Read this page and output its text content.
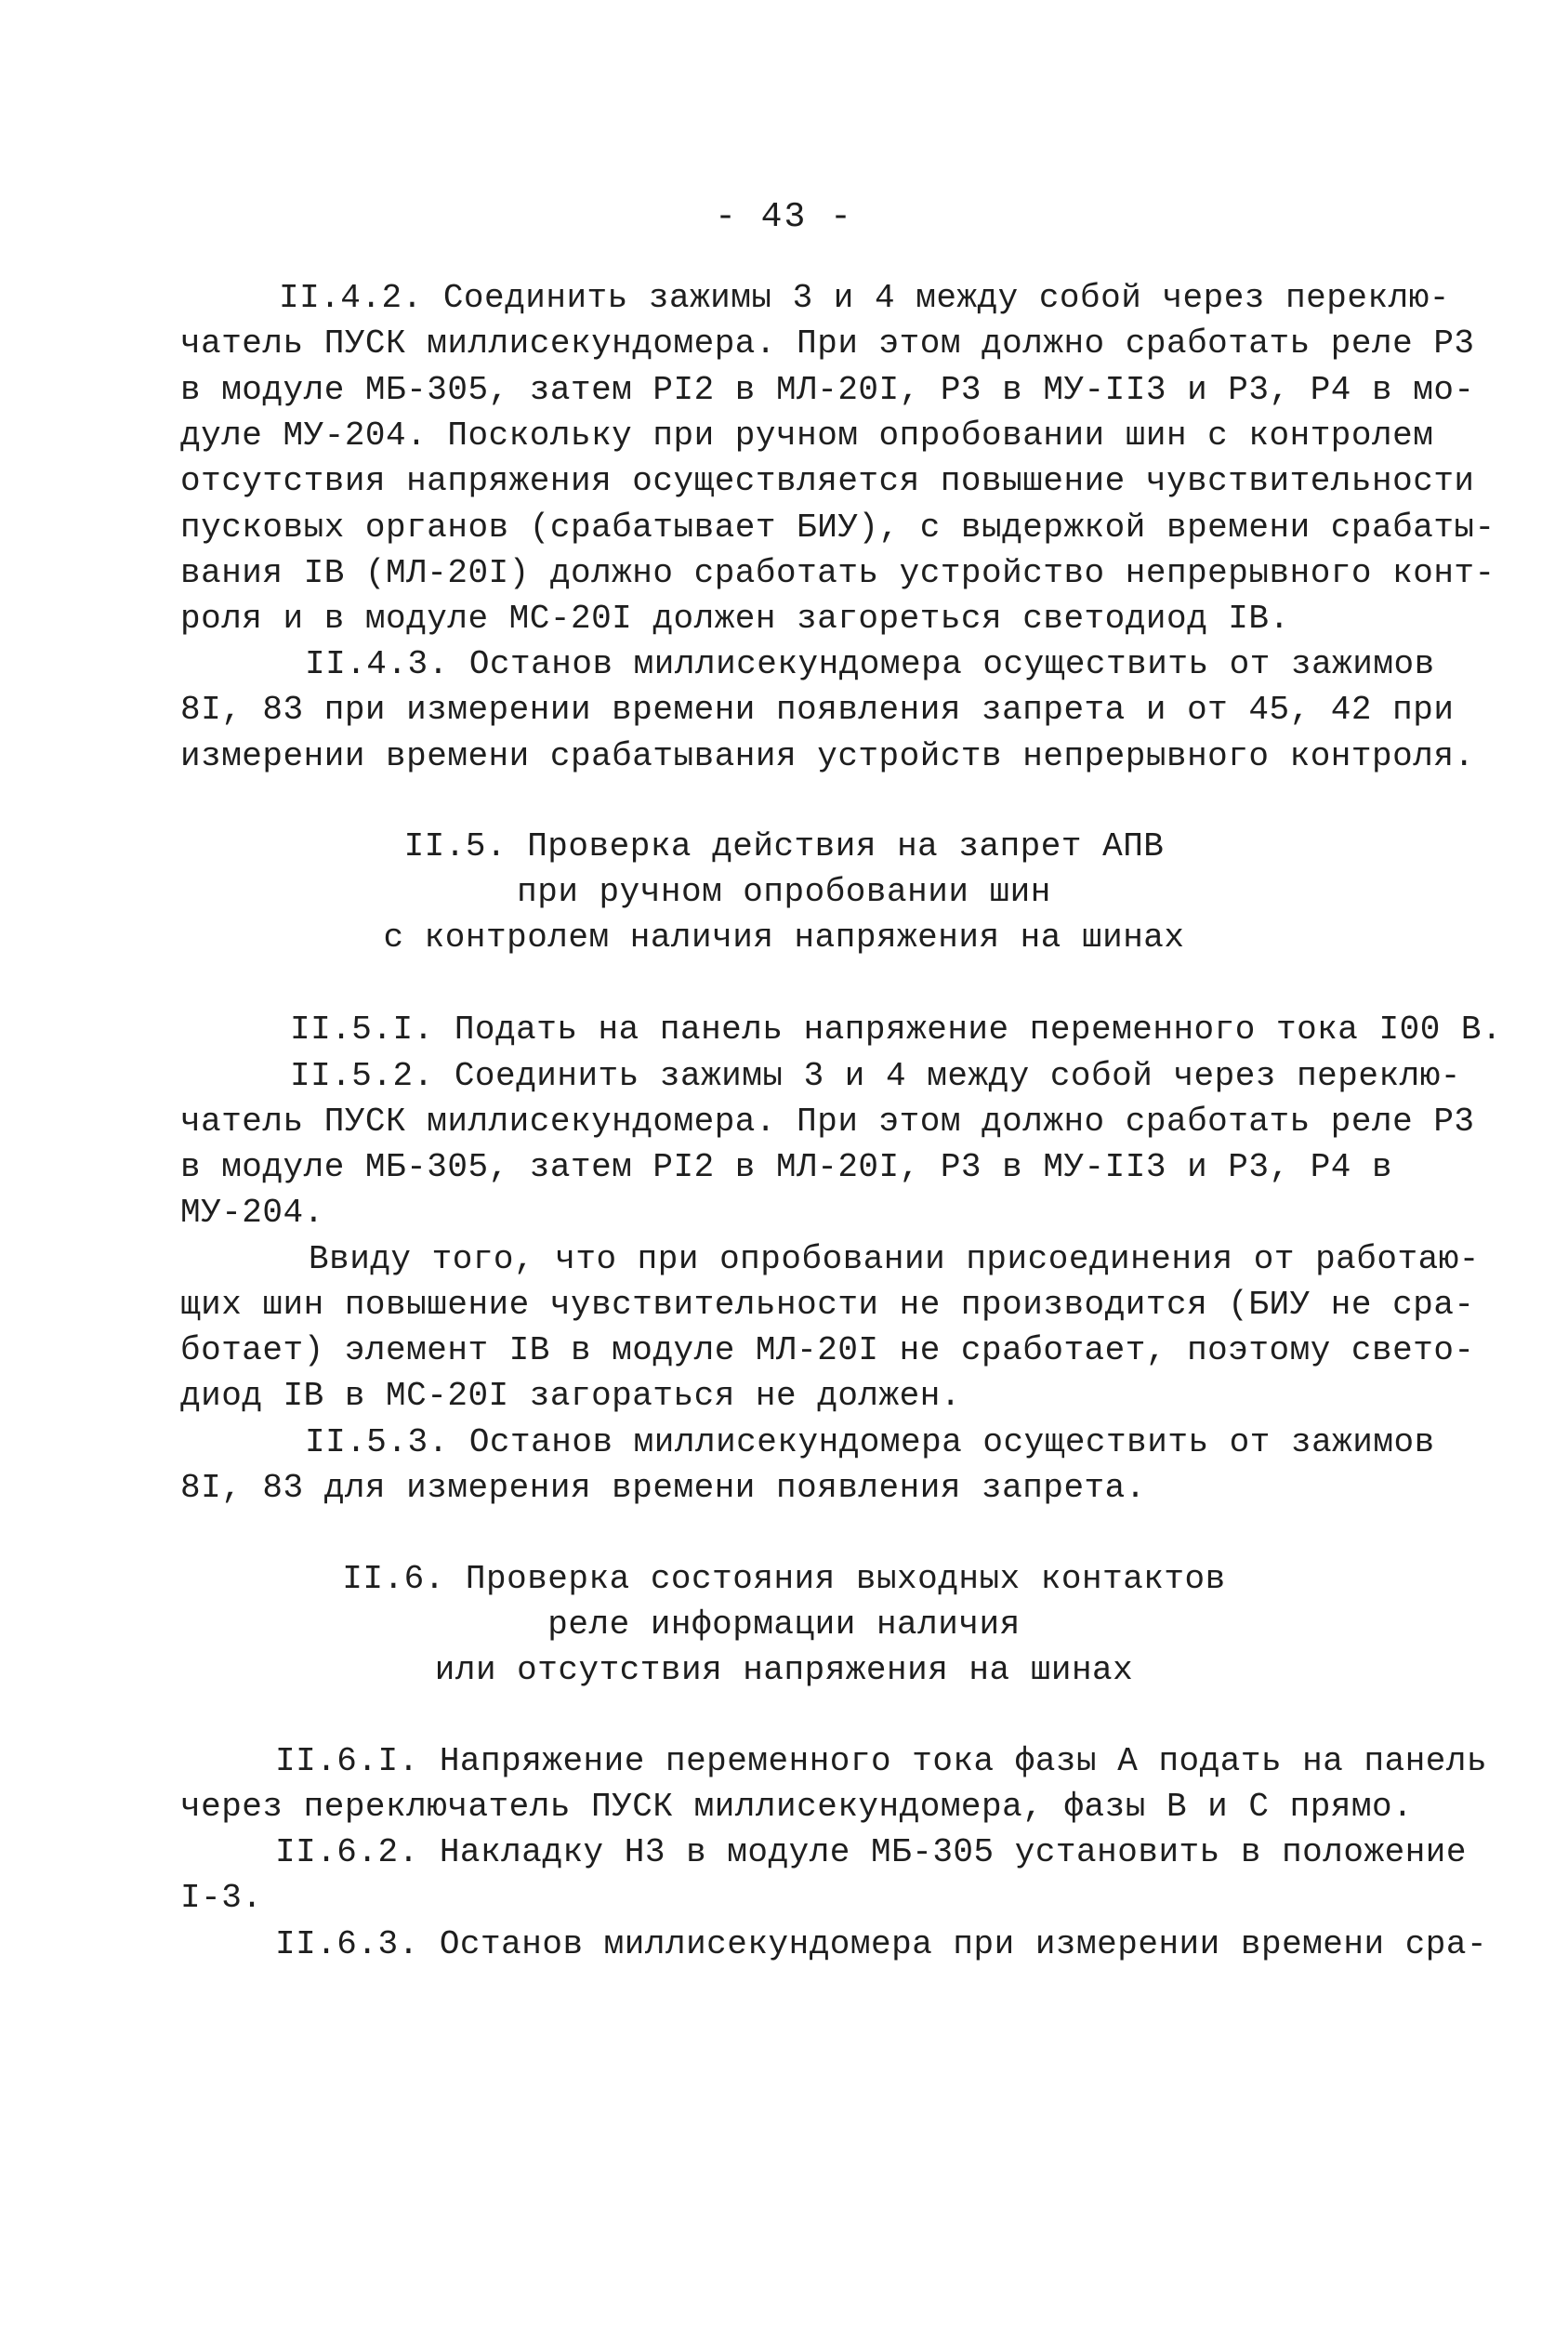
- 43 -
II.4.2. Соединить зажимы 3 и 4 между собой через переклю-
чатель ПУСК миллисекундомера. При этом должно сработать реле Р3
в модуле МБ-305, затем РI2 в МЛ-20I, Р3 в МУ-II3 и Р3, Р4 в мо-
дуле МУ-204. Поскольку при ручном опробовании шин с контролем
отсутствия напряжения осуществляется повышение чувствительности
пусковых органов (срабатывает БИУ), с выдержкой времени срабаты-
вания IВ (МЛ-20I) должно сработать устройство непрерывного конт-
роля и в модуле МС-20I должен загореться светодиод IВ.
II.4.3. Останов миллисекундомера осуществить от зажимов
8I, 83 при измерении времени появления запрета и от 45, 42 при
измерении времени срабатывания устройств непрерывного контроля.
II.5. Проверка действия на запрет АПВ
при ручном опробовании шин
с контролем наличия напряжения на шинах
II.5.I. Подать на панель напряжение переменного тока I00 В.
II.5.2. Соединить зажимы 3 и 4 между собой через переклю-
чатель ПУСК миллисекундомера. При этом должно сработать реле Р3
в модуле МБ-305, затем РI2 в МЛ-20I, Р3 в МУ-II3 и Р3, Р4 в
МУ-204.
Ввиду того, что при опробовании присоединения от работаю-
щих шин повышение чувствительности не производится (БИУ не сра-
ботает) элемент IВ в модуле МЛ-20I не сработает, поэтому свето-
диод IВ в МС-20I загораться не должен.
II.5.3. Останов миллисекундомера осуществить от зажимов
8I, 83 для измерения времени появления запрета.
II.6. Проверка состояния выходных контактов
реле информации наличия
или отсутствия напряжения на шинах
II.6.I. Напряжение переменного тока фазы А подать на панель
через переключатель ПУСК миллисекундомера, фазы В и С прямо.
II.6.2. Накладку Н3 в модуле МБ-305 установить в положение
I-3.
II.6.3. Останов миллисекундомера при измерении времени сра-
